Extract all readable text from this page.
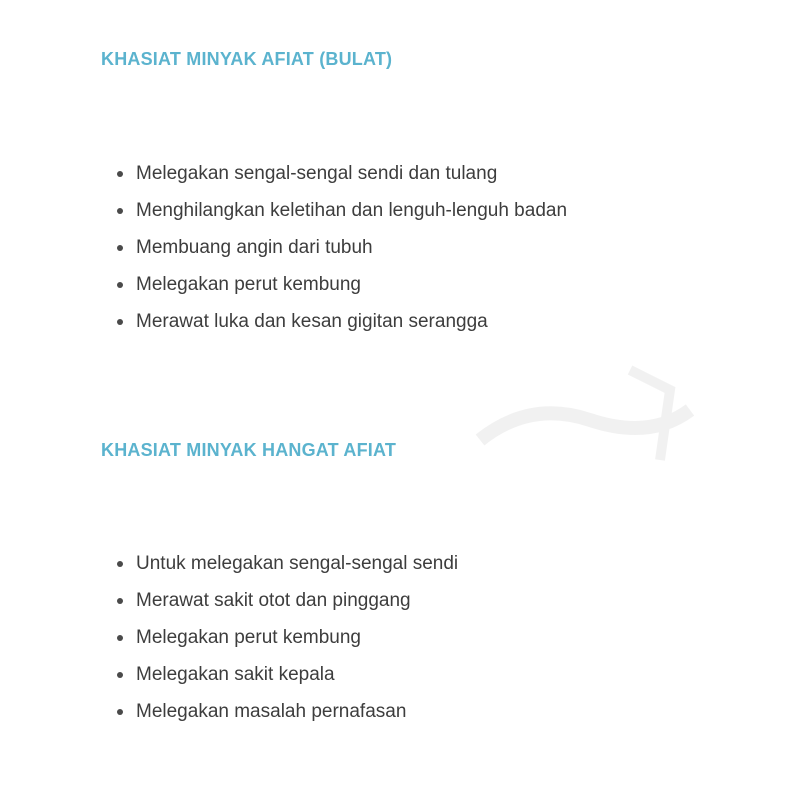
KHASIAT MINYAK AFIAT (BULAT)
Melegakan sengal-sengal sendi dan tulang
Menghilangkan keletihan dan lenguh-lenguh badan
Membuang angin dari tubuh
Melegakan perut kembung
Merawat luka dan kesan gigitan serangga
KHASIAT MINYAK HANGAT AFIAT
Untuk melegakan sengal-sengal sendi
Merawat sakit otot dan pinggang
Melegakan perut kembung
Melegakan sakit kepala
Melegakan masalah pernafasan
